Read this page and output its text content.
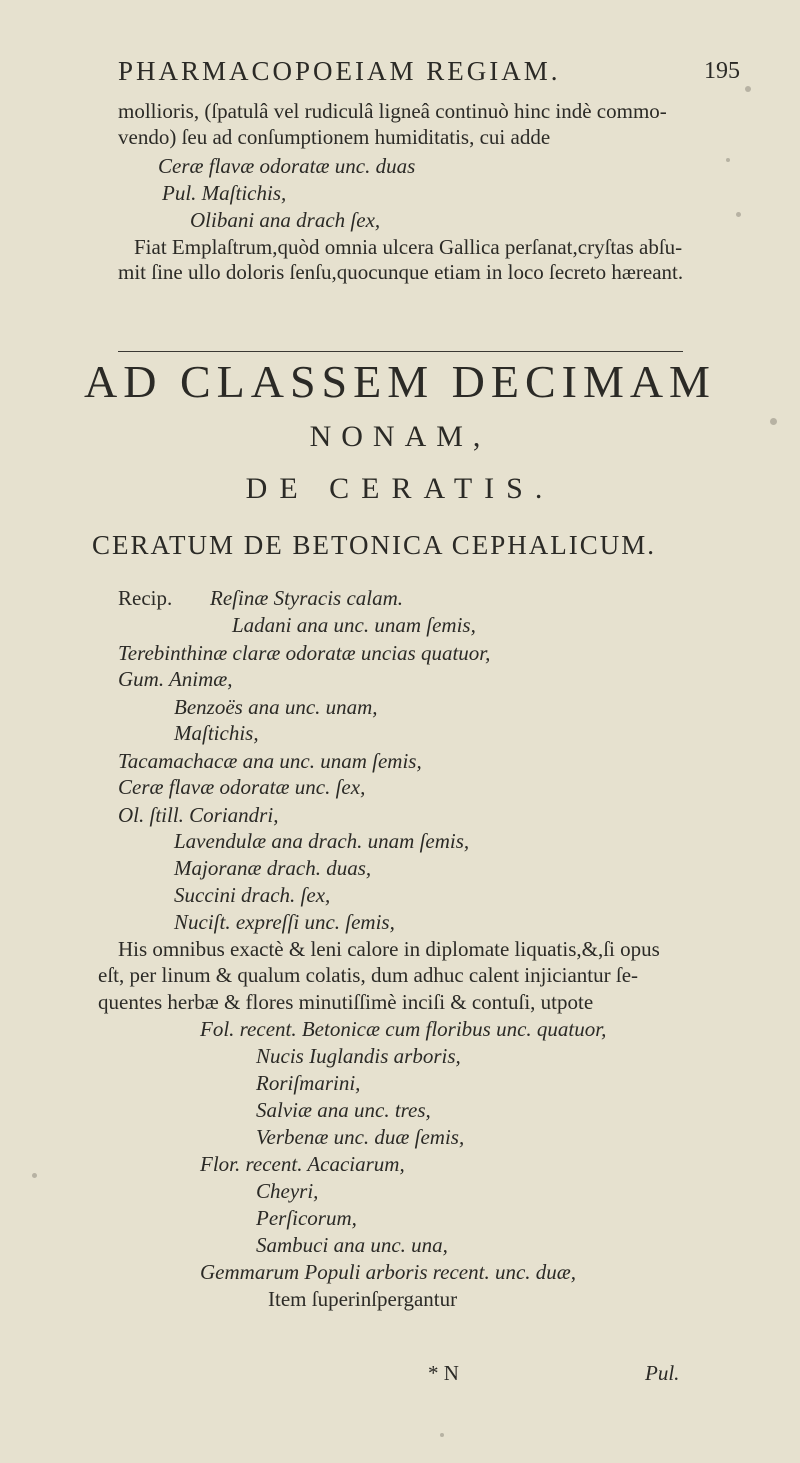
PHARMACOPOEIAM REGIAM.	195
mollioris, (ſpatulâ vel rudiculâ ligneâ continuò hinc indè commo-
vendo) ſeu ad conſumptionem humiditatis, cui adde
Ceræ flavæ odoratæ unc. duas
Pul. Maſtichis,
Olibani ana drach ſex,
Fiat Emplaſtrum,quòd omnia ulcera Gallica perſanat,cryſtas abſu-
mit ſine ullo doloris ſenſu,quocunque etiam in loco ſecreto hæreant.
AD CLASSEM DECIMAM
NONAM,
DE CERATIS.
CERATUM DE BETONICA CEPHALICUM.
Recip. Reſinæ Styracis calam.
Ladani ana unc. unam ſemis,
Terebinthinæ claræ odoratæ uncias quatuor,
Gum. Animæ,
Benzoës ana unc. unam,
Maſtichis,
Tacamachacæ ana unc. unam ſemis,
Ceræ flavæ odoratæ unc. ſex,
Ol. ſtill. Coriandri,
Lavendulæ ana drach. unam ſemis,
Majoranæ drach. duas,
Succini drach. ſex,
Nuciſt. expreſſi unc. ſemis,
His omnibus exactè & leni calore in diplomate liquatis,&,ſi opus
eſt, per linum & qualum colatis, dum adhuc calent injiciantur ſe-
quentes herbæ & flores minutiſſimè inciſi & contuſi, utpote
Fol. recent. Betonicæ cum floribus unc. quatuor,
Nucis Iuglandis arboris,
Roriſmarini,
Salviæ ana unc. tres,
Verbenæ unc. duæ ſemis,
Flor. recent. Acaciarum,
Cheyri,
Perſicorum,
Sambuci ana unc. una,
Gemmarum Populi arboris recent. unc. duæ,
Item ſuperinſpergantur
* N	Pul.
